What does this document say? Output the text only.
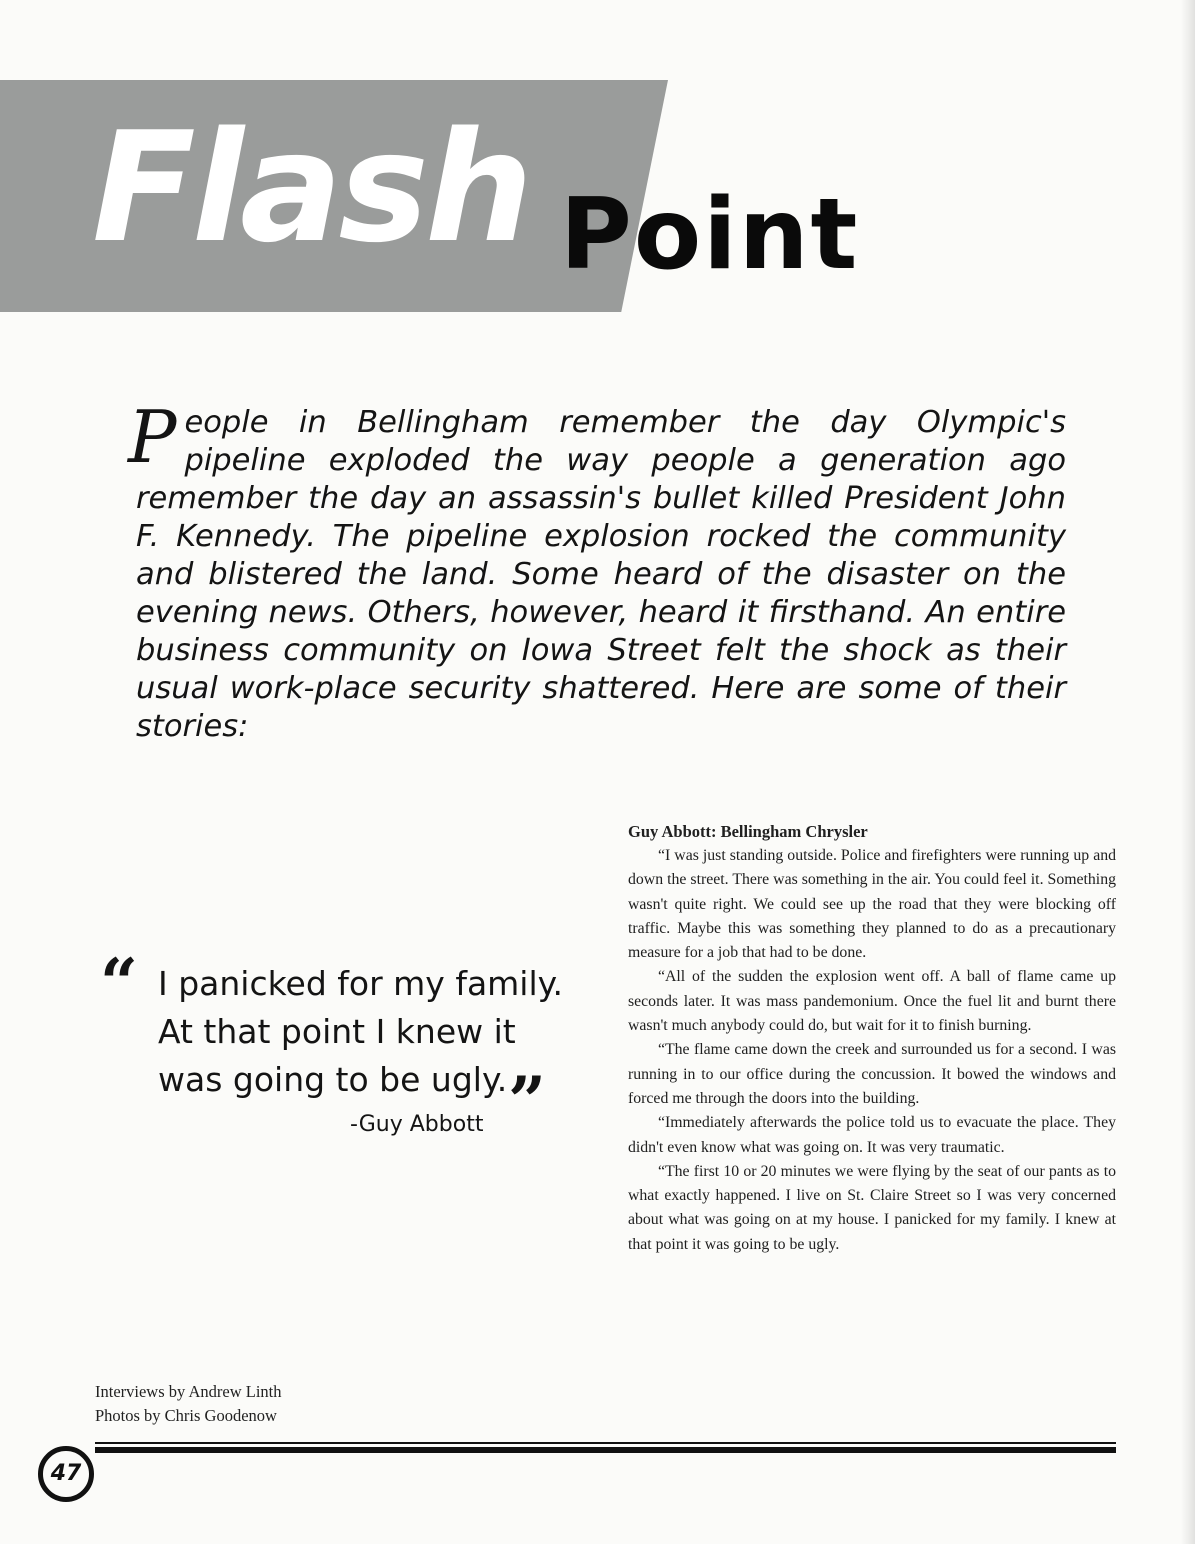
Flash Point

People in Bellingham remember the day Olympic's pipeline exploded the way people a generation ago remember the day an assassin's bullet killed President John F. Kennedy. The pipeline explosion rocked the community and blistered the land. Some heard of the disaster on the evening news. Others, however, heard it firsthand. An entire business community on Iowa Street felt the shock as their usual work-place security shattered. Here are some of their stories:

“ I panicked for my family.
At that point I knew it
was going to be ugly. ”
-Guy Abbott
Guy Abbott: Bellingham Chrysler

“I was just standing outside. Police and firefighters were running up and down the street. There was something in the air. You could feel it. Something wasn't quite right. We could see up the road that they were blocking off traffic. Maybe this was something they planned to do as a precautionary measure for a job that had to be done.

“All of the sudden the explosion went off. A ball of flame came up seconds later. It was mass pandemonium. Once the fuel lit and burnt there wasn't much anybody could do, but wait for it to finish burning.

“The flame came down the creek and surrounded us for a second. I was running in to our office during the concussion. It bowed the windows and forced me through the doors into the building.

“Immediately afterwards the police told us to evacuate the place. They didn't even know what was going on. It was very traumatic.

“The first 10 or 20 minutes we were flying by the seat of our pants as to what exactly happened. I live on St. Claire Street so I was very concerned about what was going on at my house. I panicked for my family. I knew at that point it was going to be ugly.

Interviews by Andrew Linth
Photos by Chris Goodenow
47
